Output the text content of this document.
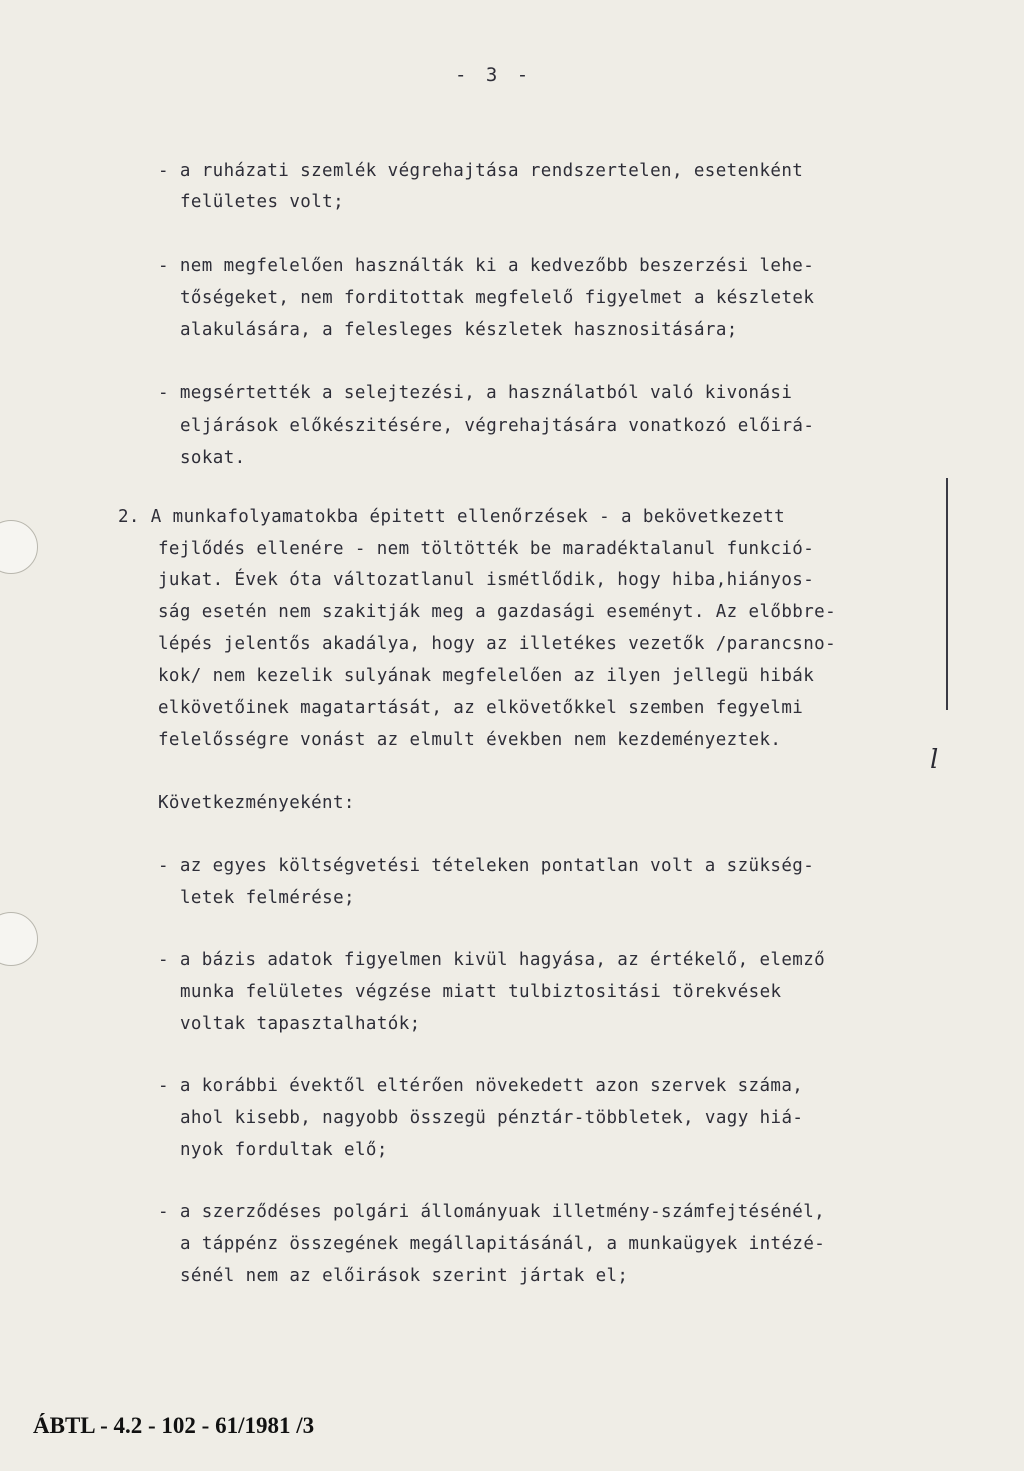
- 3 -
- a ruházati szemlék végrehajtása rendszertelen, esetenként
felületes volt;
- nem megfelelően használták ki a kedvezőbb beszerzési lehe-
tőségeket, nem forditottak megfelelő figyelmet a készletek
alakulására, a felesleges készletek hasznositására;
- megsértették a selejtezési, a használatból való kivonási
eljárások előkészitésére, végrehajtására vonatkozó előirá-
sokat.
2. A munkafolyamatokba épitett ellenőrzések - a bekövetkezett
fejlődés ellenére - nem töltötték be maradéktalanul funkció-
jukat. Évek óta változatlanul ismétlődik, hogy hiba,hiányos-
ság esetén nem szakitják meg a gazdasági eseményt. Az előbbre-
lépés jelentős akadálya, hogy az illetékes vezetők /parancsno-
kok/ nem kezelik sulyának megfelelően az ilyen jellegü hibák
elkövetőinek magatartását, az elkövetőkkel szemben fegyelmi
felelősségre vonást az elmult években nem kezdeményeztek.
Következményeként:
- az egyes költségvetési tételeken pontatlan volt a szükség-
letek felmérése;
- a bázis adatok figyelmen kivül hagyása, az értékelő, elemző
munka felületes végzése miatt tulbiztositási törekvések
voltak tapasztalhatók;
- a korábbi évektől eltérően növekedett azon szervek száma,
ahol kisebb, nagyobb összegü pénztár-többletek, vagy hiá-
nyok fordultak elő;
- a szerződéses polgári állományuak illetmény-számfejtésénél,
a táppénz összegének megállapitásánál, a munkaügyek intézé-
sénél nem az előirások szerint jártak el;
l
ÁBTL - 4.2 - 102 - 61/1981 /3
